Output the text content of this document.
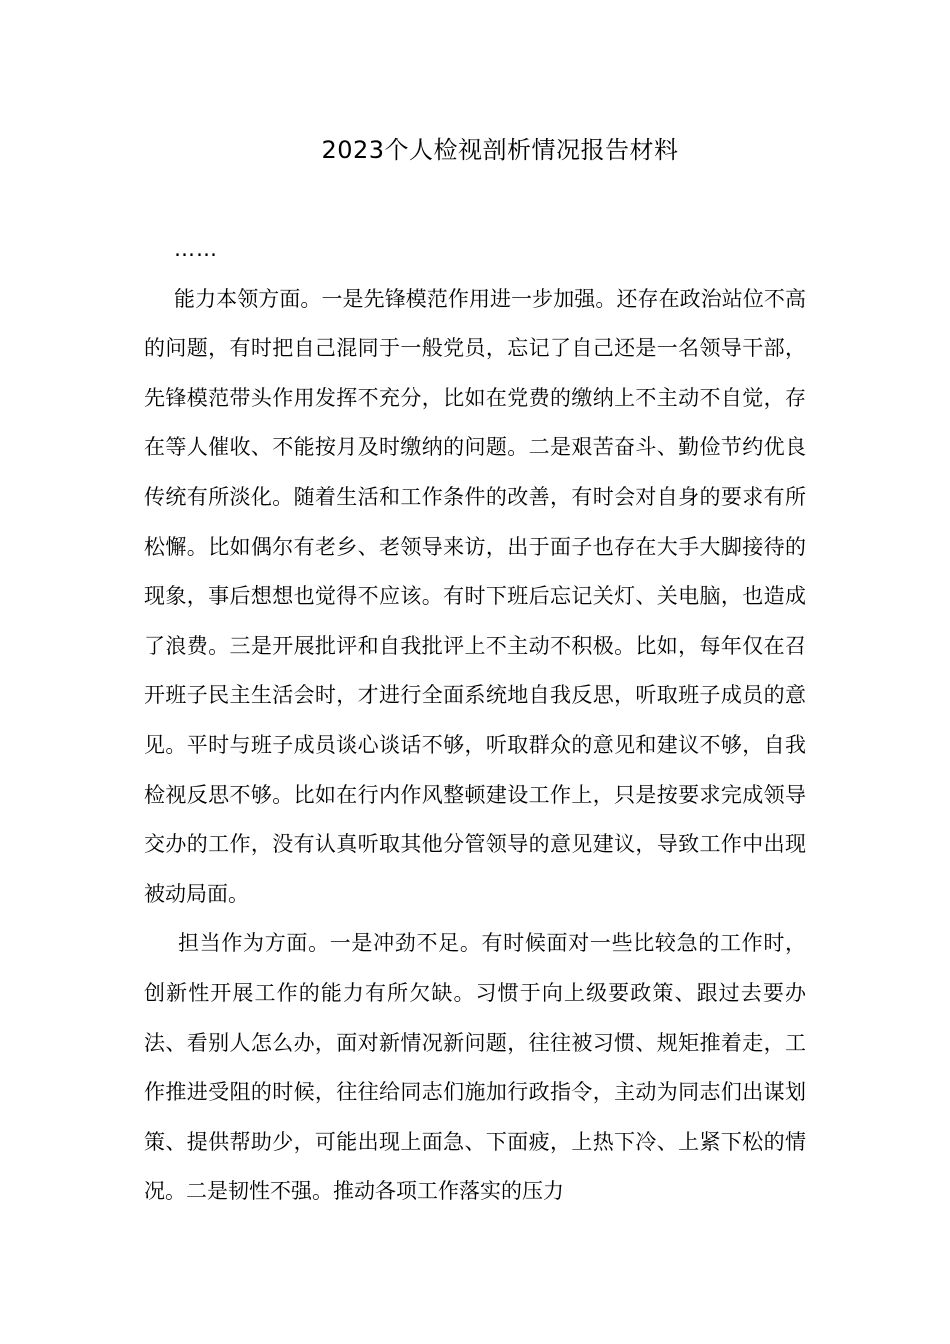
2023个人检视剖析情况报告材料

……

能力本领方面。一是先锋模范作用进一步加强。还存在政治站位不高的问题，有时把自己混同于一般党员，忘记了自己还是一名领导干部，先锋模范带头作用发挥不充分，比如在党费的缴纳上不主动不自觉，存在等人催收、不能按月及时缴纳的问题。二是艰苦奋斗、勤俭节约优良传统有所淡化。随着生活和工作条件的改善，有时会对自身的要求有所松懈。比如偶尔有老乡、老领导来访，出于面子也存在大手大脚接待的现象，事后想想也觉得不应该。有时下班后忘记关灯、关电脑，也造成了浪费。三是开展批评和自我批评上不主动不积极。比如，每年仅在召开班子民主生活会时，才进行全面系统地自我反思，听取班子成员的意见。平时与班子成员谈心谈话不够，听取群众的意见和建议不够，自我检视反思不够。比如在行内作风整顿建设工作上，只是按要求完成领导交办的工作，没有认真听取其他分管领导的意见建议，导致工作中出现被动局面。

担当作为方面。一是冲劲不足。有时候面对一些比较急的工作时，创新性开展工作的能力有所欠缺。习惯于向上级要政策、跟过去要办法、看别人怎么办，面对新情况新问题，往往被习惯、规矩推着走，工作推进受阻的时候，往往给同志们施加行政指令，主动为同志们出谋划策、提供帮助少，可能出现上面急、下面疲，上热下冷、上紧下松的情况。二是韧性不强。推动各项工作落实的压力
